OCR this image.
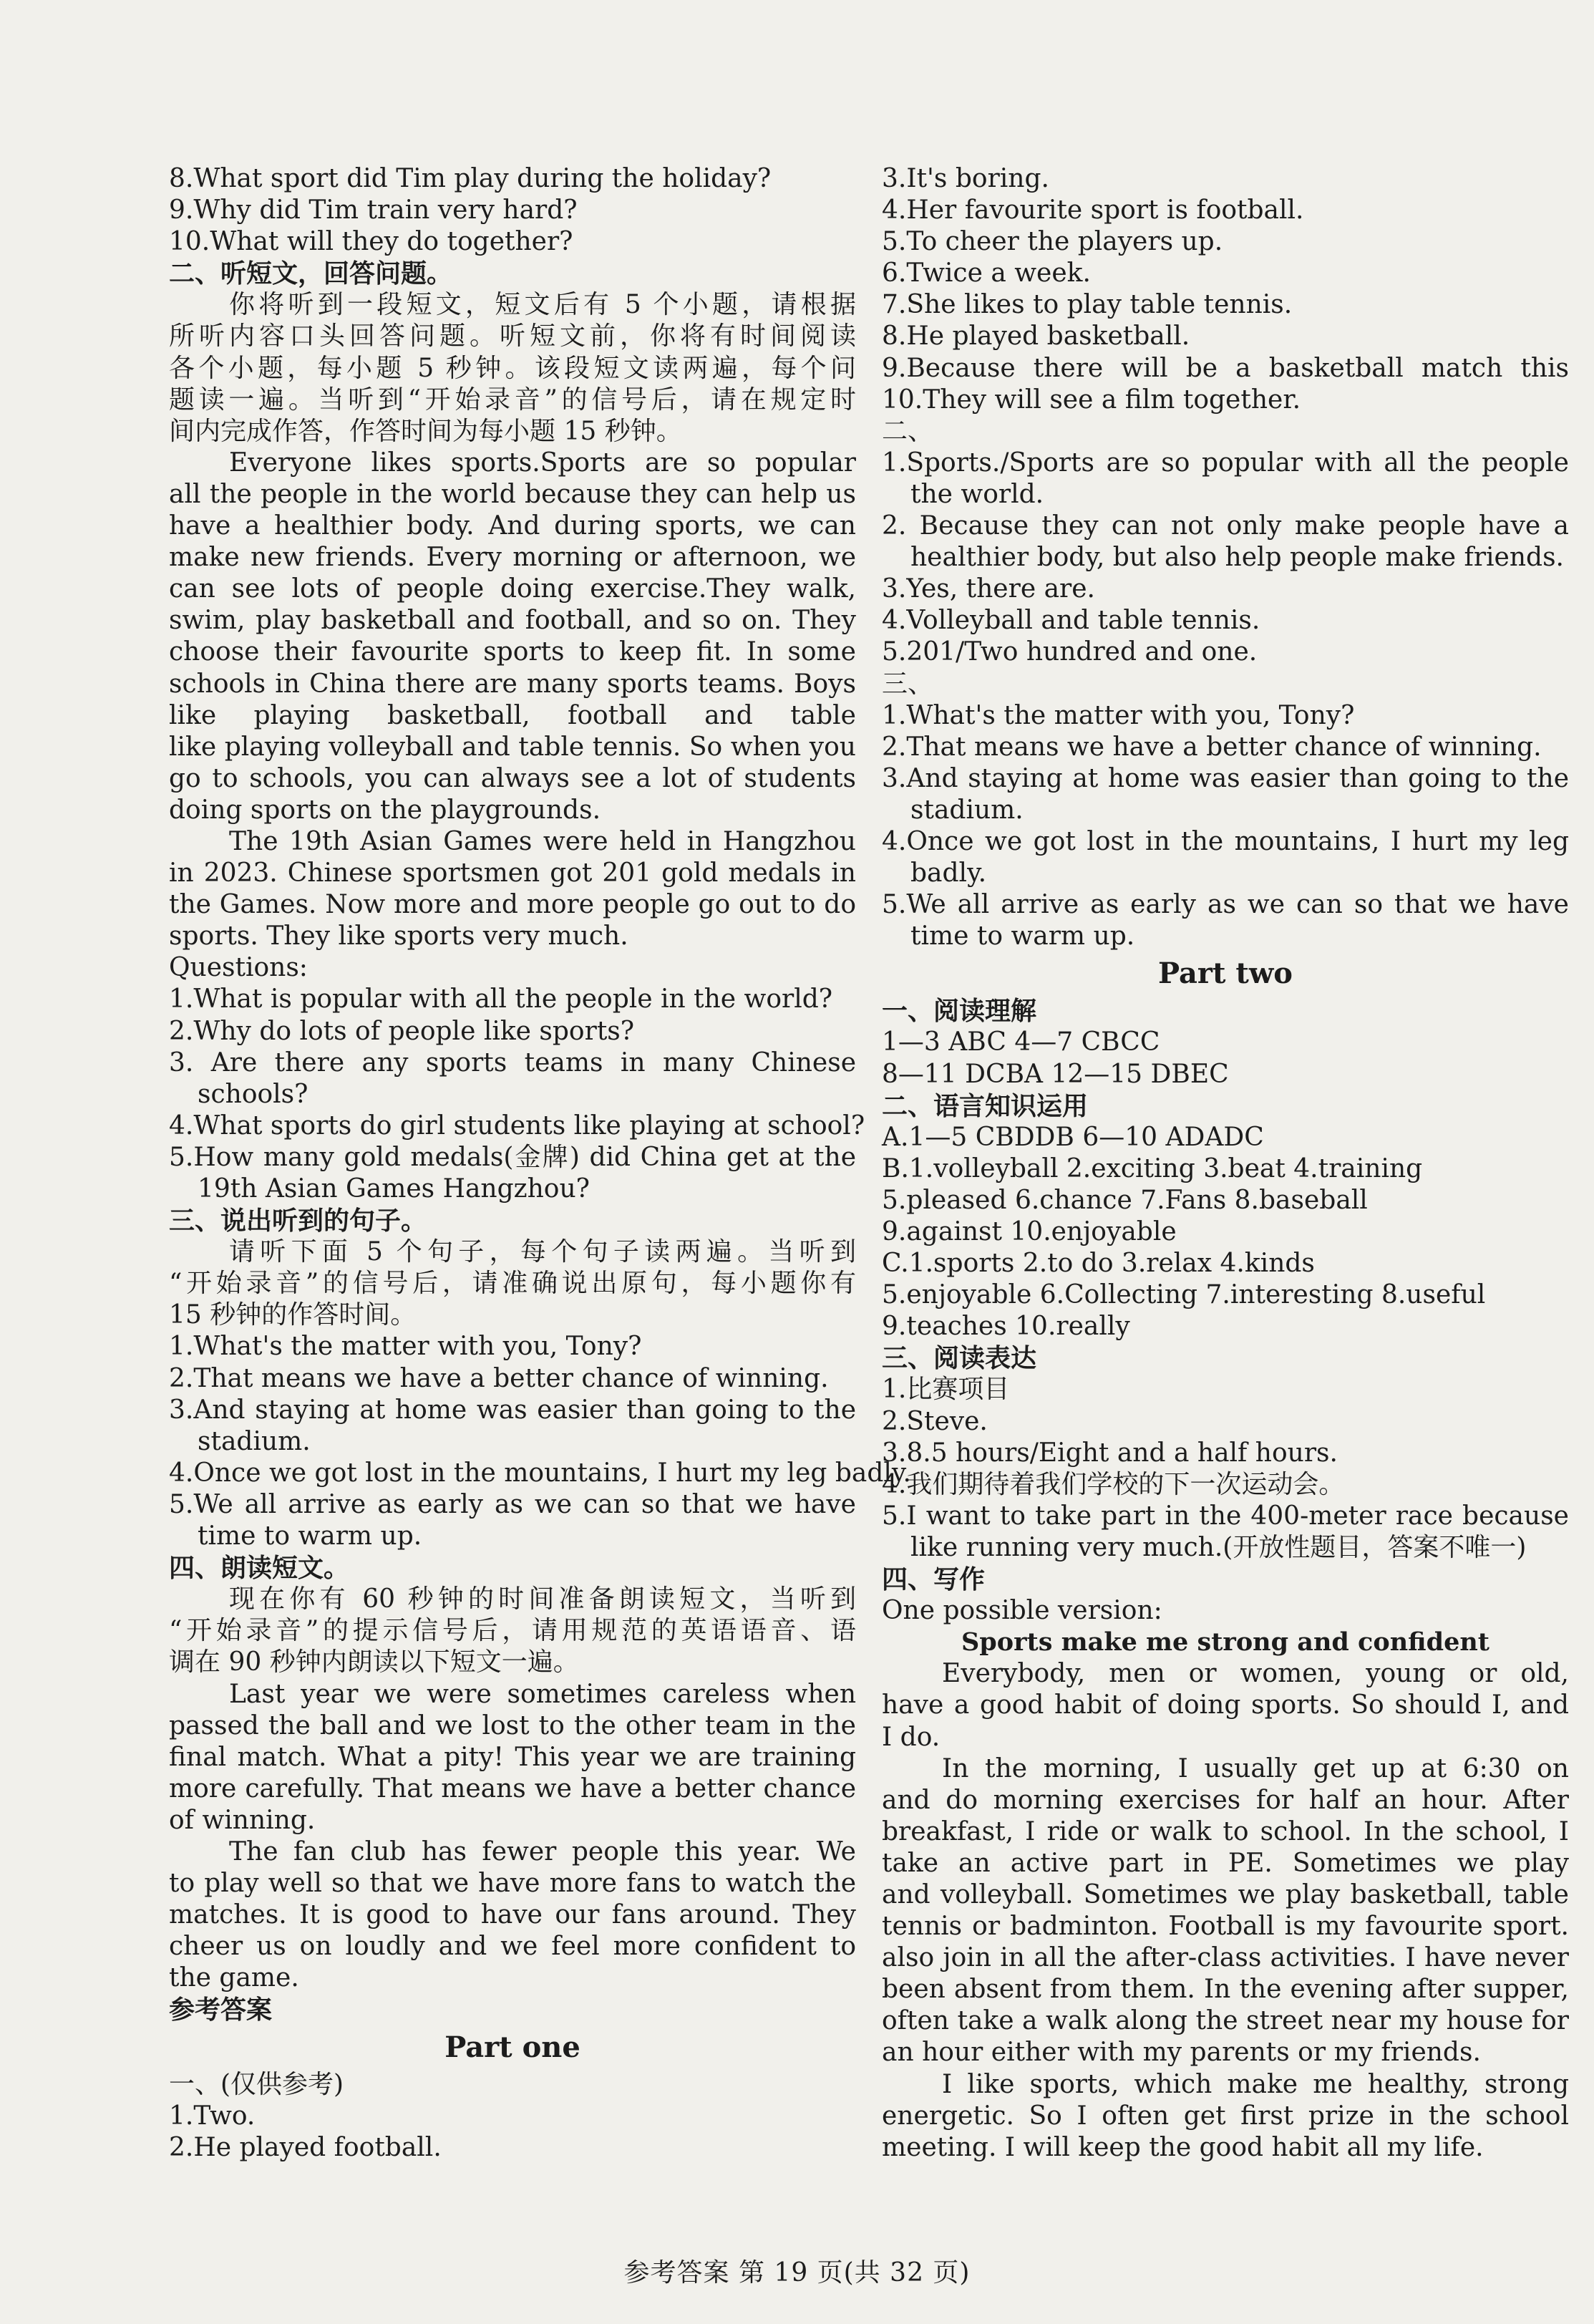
8.What sport did Tim play during the holiday?
9.Why did Tim train very hard?
10.What will they do together?
二、听短文，回答问题。
你将听到一段短文，短文后有 5 个小题，请根据
所听内容口头回答问题。听短文前，你将有时间阅读
各个小题，每小题 5 秒钟。该段短文读两遍，每个问
题读一遍。当听到“开始录音”的信号后，请在规定时
间内完成作答，作答时间为每小题 15 秒钟。
Everyone likes sports.Sports are so popular
all the people in the world because they can help us
have a healthier body. And during sports, we can
make new friends. Every morning or afternoon, we
can see lots of people doing exercise.They walk,
swim, play basketball and football, and so on. They
choose their favourite sports to keep fit. In some
schools in China there are many sports teams. Boys
like playing basketball, football and table
like playing volleyball and table tennis. So when you
go to schools, you can always see a lot of students
doing sports on the playgrounds.
The 19th Asian Games were held in Hangzhou
in 2023. Chinese sportsmen got 201 gold medals in
the Games. Now more and more people go out to do
sports. They like sports very much.
Questions:
1.What is popular with all the people in the world?
2.Why do lots of people like sports?
3. Are there any sports teams in many Chinese
schools?
4.What sports do girl students like playing at school?
5.How many gold medals(金牌) did China get at the
19th Asian Games Hangzhou?
三、说出听到的句子。
请听下面 5 个句子，每个句子读两遍。当听到
“开始录音”的信号后，请准确说出原句，每小题你有
15 秒钟的作答时间。
1.What's the matter with you, Tony?
2.That means we have a better chance of winning.
3.And staying at home was easier than going to the
stadium.
4.Once we got lost in the mountains, I hurt my leg badly.
5.We all arrive as early as we can so that we have
time to warm up.
四、朗读短文。
现在你有 60 秒钟的时间准备朗读短文，当听到
“开始录音”的提示信号后，请用规范的英语语音、语
调在 90 秒钟内朗读以下短文一遍。
Last year we were sometimes careless when
passed the ball and we lost to the other team in the
final match. What a pity! This year we are training
more carefully. That means we have a better chance
of winning.
The fan club has fewer people this year. We
to play well so that we have more fans to watch the
matches. It is good to have our fans around. They
cheer us on loudly and we feel more confident to
the game.
参考答案
Part one
一、(仅供参考)
1.Two.
2.He played football.
3.It's boring.
4.Her favourite sport is football.
5.To cheer the players up.
6.Twice a week.
7.She likes to play table tennis.
8.He played basketball.
9.Because there will be a basketball match this
10.They will see a film together.
二、
1.Sports./Sports are so popular with all the people
the world.
2. Because they can not only make people have a
healthier body, but also help people make friends.
3.Yes, there are.
4.Volleyball and table tennis.
5.201/Two hundred and one.
三、
1.What's the matter with you, Tony?
2.That means we have a better chance of winning.
3.And staying at home was easier than going to the
stadium.
4.Once we got lost in the mountains, I hurt my leg
badly.
5.We all arrive as early as we can so that we have
time to warm up.
Part two
一、阅读理解
1—3 ABC 4—7 CBCC
8—11 DCBA 12—15 DBEC
二、语言知识运用
A.1—5 CBDDB 6—10 ADADC
B.1.volleyball 2.exciting 3.beat 4.training
5.pleased 6.chance 7.Fans 8.baseball
9.against 10.enjoyable
C.1.sports 2.to do 3.relax 4.kinds
5.enjoyable 6.Collecting 7.interesting 8.useful
9.teaches 10.really
三、阅读表达
1.比赛项目
2.Steve.
3.8.5 hours/Eight and a half hours.
4.我们期待着我们学校的下一次运动会。
5.I want to take part in the 400-meter race because
like running very much.(开放性题目，答案不唯一)
四、写作
One possible version:
Sports make me strong and confident
Everybody, men or women, young or old,
have a good habit of doing sports. So should I, and
I do.
In the morning, I usually get up at 6:30 on
and do morning exercises for half an hour. After
breakfast, I ride or walk to school. In the school, I
take an active part in PE. Sometimes we play
and volleyball. Sometimes we play basketball, table
tennis or badminton. Football is my favourite sport.
also join in all the after-class activities. I have never
been absent from them. In the evening after supper,
often take a walk along the street near my house for
an hour either with my parents or my friends.
I like sports, which make me healthy, strong
energetic. So I often get first prize in the school
meeting. I will keep the good habit all my life.
参考答案 第 19 页(共 32 页)
